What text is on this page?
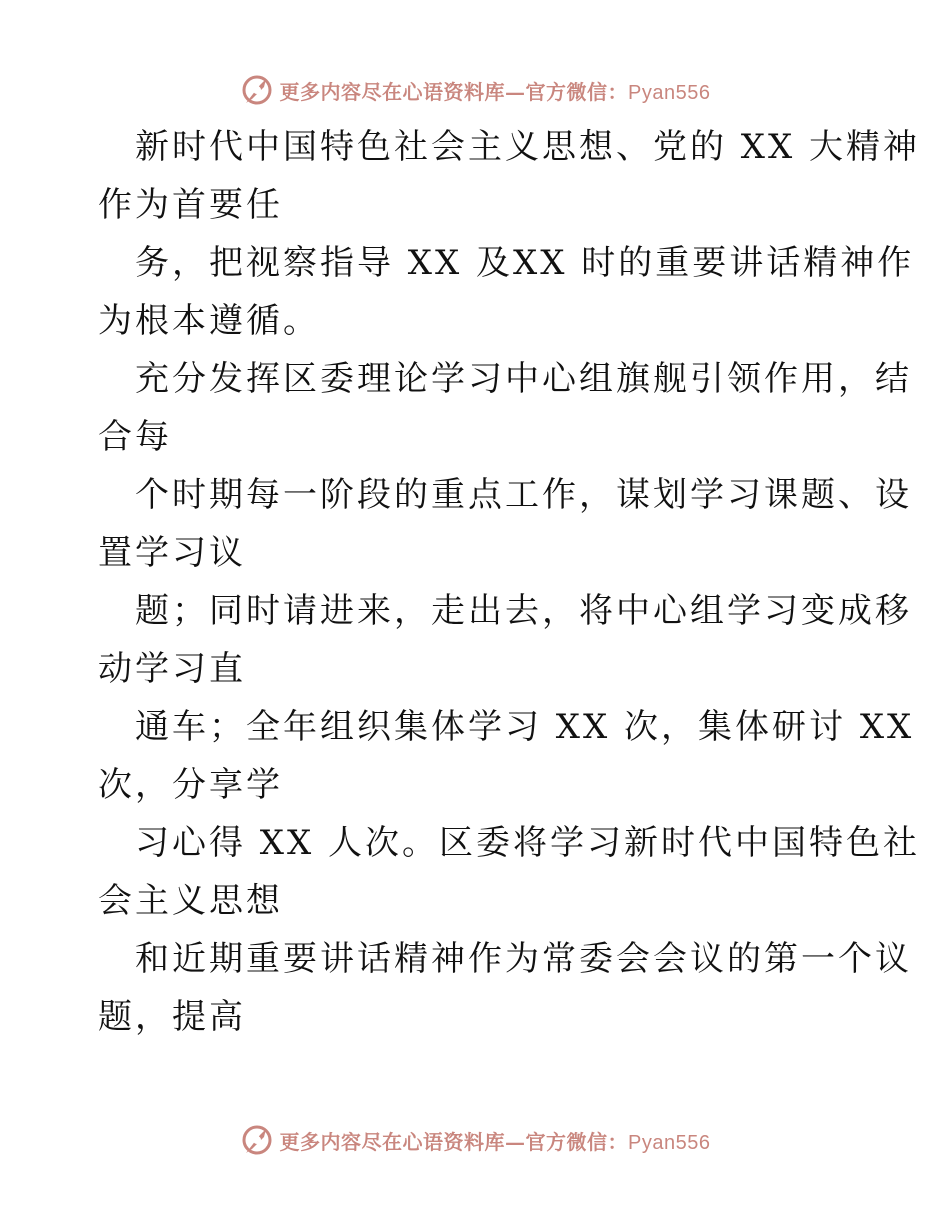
更多内容尽在心语资料库—官方微信：Pyan556
新时代中国特色社会主义思想、党的 XX 大精神
作为首要任
务，把视察指导 XX 及XX 时的重要讲话精神作
为根本遵循。
充分发挥区委理论学习中心组旗舰引领作用，结
合每
个时期每一阶段的重点工作，谋划学习课题、设
置学习议
题；同时请进来，走出去，将中心组学习变成移
动学习直
通车；全年组织集体学习 XX 次，集体研讨 XX
次，分享学
习心得 XX 人次。区委将学习新时代中国特色社
会主义思想
和近期重要讲话精神作为常委会会议的第一个议
题，提高
更多内容尽在心语资料库—官方微信：Pyan556
